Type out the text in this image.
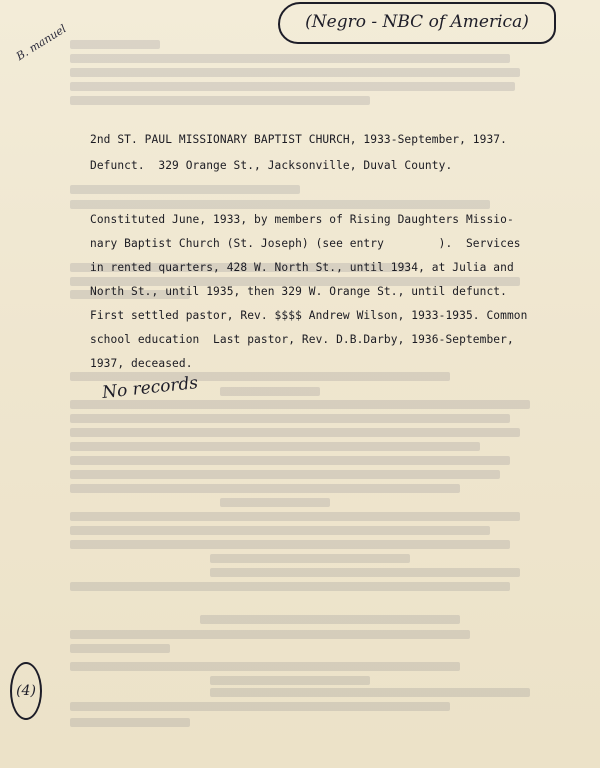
(Negro - NBC of America)
B. manuel
2nd ST. PAUL MISSIONARY BAPTIST CHURCH, 1933-September, 1937.
Defunct.  329 Orange St., Jacksonville, Duval County.
Constituted June, 1933, by members of Rising Daughters Missio-
nary Baptist Church (St. Joseph) (see entry        ).  Services
in rented quarters, 428 W. North St., until 1934, at Julia and
North St., until 1935, then 329 W. Orange St., until defunct.
First settled pastor, Rev. $$$$ Andrew Wilson, 1933-1935. Common
school education  Last pastor, Rev. D.B.Darby, 1936-September,
1937, deceased.
No records
(4)
